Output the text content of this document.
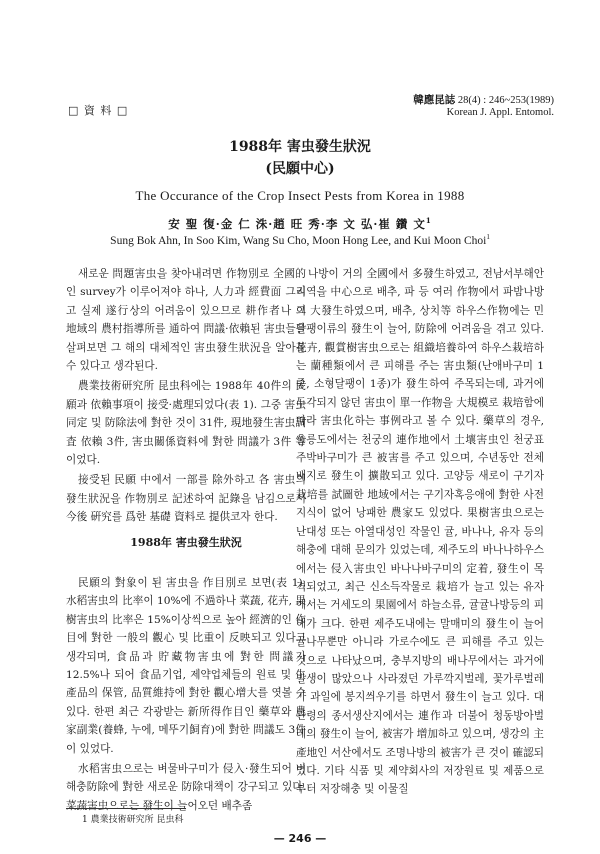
□ 資 料 □
韓應昆誌 28(4) : 246~253(1989)
Korean J. Appl. Entomol.
1988年 害虫發生狀況
(民願中心)
The Occurance of the Crop Insect Pests from Korea in 1988
安 聖 復·金 仁 洙·趙 旺 秀·李 文 弘·崔 鑽 文$^1$
Sung Bok Ahn, In Soo Kim, Wang Su Cho, Moon Hong Lee, and Kui Moon Choi$^1$

새로운 問題害虫을 찾아내려면 作物別로 全國的인 survey가 이루어져야 하나, 人力과 經費面 그리고 실제 遂行상의 어려움이 있으므로 耕作者나 그 地域의 農村指導所를 通하여 問議·依賴된 害虫들을 살펴보면 그 해의 대체적인 害虫發生狀況을 알아볼 수 있다고 생각된다.

農業技術研究所 昆虫科에는 1988年 40件의 民願과 依賴事項이 接受·處理되었다(表 1). 그중 害虫同定 및 防除法에 對한 것이 31件, 現地發生害虫調査 依賴 3件, 害虫關係資料에 對한 問議가 3件 等이었다.

接受된 民願 中에서 一部를 除外하고 各 害虫의 發生狀況을 作物別로 記述하여 記錄을 남김으로서 今後 硏究를 爲한 基礎 資料로 提供코자 한다.

1988年 害虫發生狀況

民願의 對象이 된 害虫을 作目別로 보면(表 1), 水稻害虫의 比率이 10%에 不過하나 菜蔬, 花卉, 果樹害虫의 比率은 15%이상씩으로 높아 經濟的인 作目에 對한 一般의 觀心 및 比重이 反映되고 있다고 생각되며, 食品과 貯藏物害虫에 對한 問議가 12.5%나 되어 食品기업, 제약업체들의 원료 및 生產品의 保管, 品質維持에 對한 觀心增大를 엿볼 수 있다. 한편 최근 각광받는 新所得作目인 藥草와 農家副業(養蜂, 누에, 메뚜기飼育)에 對한 問議도 3件이 있었다.

水稻害虫으로는 벼물바구미가 侵入·發生되어 벼해충防除에 對한 새로운 防除대책이 강구되고 있다. 菜蔬害虫으로는 發生이 늘어오던 배추좀

나방이 거의 全國에서 多發生하였고, 전남서부해안지역을 中心으로 배추, 파 등 여러 作物에서 파밤나방이 大發生하였으며, 배추, 상치等 하우스作物에는 민달팽이류의 發生이 늘어, 防除에 어려움을 겪고 있다. 花卉, 觀賞樹害虫으로는 組織培養하여 하우스栽培하는 蘭種類에서 큰 피해를 주는 害虫類(난애바구미 1종, 소형달팽이 1종)가 發生하여 주목되는데, 과거에 두각되지 않던 害虫이 單一作物을 大規模로 栽培함에 따라 害虫化하는 事例라고 볼 수 있다. 藥草의 경우, 울릉도에서는 천궁의 連作地에서 土壤害虫인 천궁표주박바구미가 큰 被害를 주고 있으며, 수년동안 전체배지로 發生이 擴散되고 있다. 고양등 새로이 구기자栽培를 試圖한 地域에서는 구기자혹응애에 對한 사전지식이 없어 낭패한 農家도 있었다. 果樹害虫으로는 난대성 또는 아열대성인 작물인 귤, 바나나, 유자 등의 해충에 대해 문의가 있었는데, 제주도의 바나나하우스에서는 侵入害虫인 바나나바구미의 定着, 發生이 목격되었고, 최근 신소득작물로 栽培가 늘고 있는 유자에서는 거세도의 果園에서 하늘소류, 귤귤나방등의 피해가 크다. 한편 제주도내에는 말매미의 發生이 늘어 귤나무뿐만 아니라 가로수에도 큰 피해를 주고 있는 것으로 나타났으며, 충부지방의 배나무에서는 과거에 발생이 많았으나 사라졌던 가루깍지벌레, 꽃가루벌레가 과일에 봉지씌우기를 하면서 發生이 늘고 있다. 대관령의 종서생산지에서는 連作과 더불어 청동방아벌레의 發生이 늘어, 被害가 增加하고 있으며, 생강의 主產地인 서산에서도 조명나방의 被害가 큰 것이 確認되었다. 기타 식품 및 제약회사의 저장원료 및 제품으로부터 저장해충 및 이물질

1 農業技術研究所 昆虫科
— 246 —
